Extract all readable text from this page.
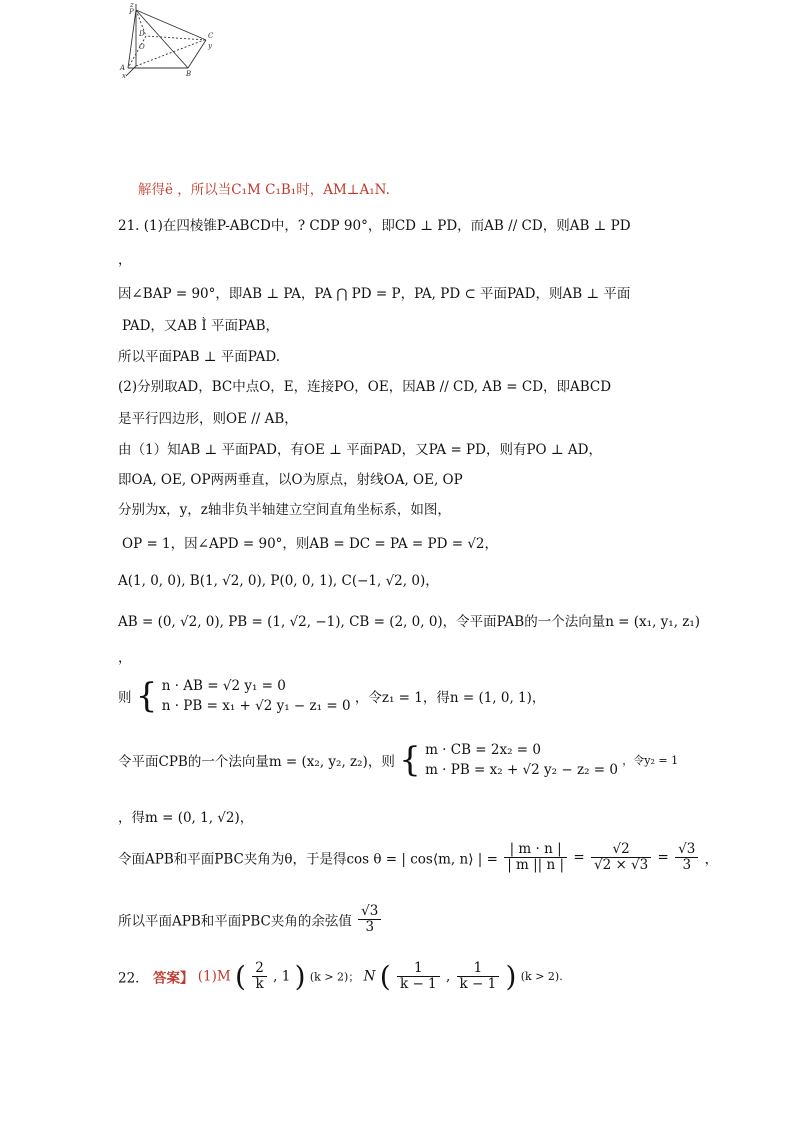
z
P
D
O
C
y
A
x	B
解得ë ，所以当C₁M C₁B₁时，AM⊥A₁N.
21. (1)在四棱锥P-ABCD中，? CDP 90°，即CD ⊥ PD，而AB // CD，则AB ⊥ PD
，
因∠BAP = 90°，即AB ⊥ PA，PA ⋂ PD = P，PA, PD ⊂ 平面PAD，则AB ⊥ 平面
PAD，又AB Ì 平面PAB，
所以平面PAB ⊥ 平面PAD.
(2)分别取AD，BC中点O，E，连接PO，OE，因AB // CD, AB = CD，即ABCD
是平行四边形，则OE // AB，
由（1）知AB ⊥ 平面PAD，有OE ⊥ 平面PAD，又PA = PD，则有PO ⊥ AD，
即OA, OE, OP两两垂直，以O为原点，射线OA, OE, OP
分别为x，y，z轴非负半轴建立空间直角坐标系，如图，
OP = 1，因∠APD = 90°，则AB = DC = PA = PD = √2，
A(1, 0, 0), B(1, √2, 0), P(0, 0, 1), C(−1, √2, 0)，
AB = (0, √2, 0), PB = (1, √2, −1), CB = (2, 0, 0)，令平面PAB的一个法向量n = (x₁, y₁, z₁)
，
则 { n · AB = √2 y₁ = 0
n · PB = x₁ + √2 y₁ − z₁ = 0 ，令z₁ = 1，得n = (1, 0, 1)，
令平面CPB的一个法向量m = (x₂, y₂, z₂)，则 { m · CB = 2x₂ = 0
m · PB = x₂ + √2 y₂ − z₂ = 0
，令y₂ = 1
，得m = (0, 1, √2)，
令面APB和平面PBC夹角为θ，于是得cos θ = | cos⟨m, n⟩ | = $\frac{| m \cdot n |}{| m || n |} = \frac{√2}{√2 \times √3} = \frac{√3}{3}$ ，
所以平面APB和平面PBC夹角的余弦值 $\frac{√3}{3}$
22． 答案】 (1)M ( $\frac{2}{k}$ , 1 ) (k > 2)； N ( $\frac{1}{k - 1}$ , $\frac{1}{k - 1}$ ) (k > 2).
